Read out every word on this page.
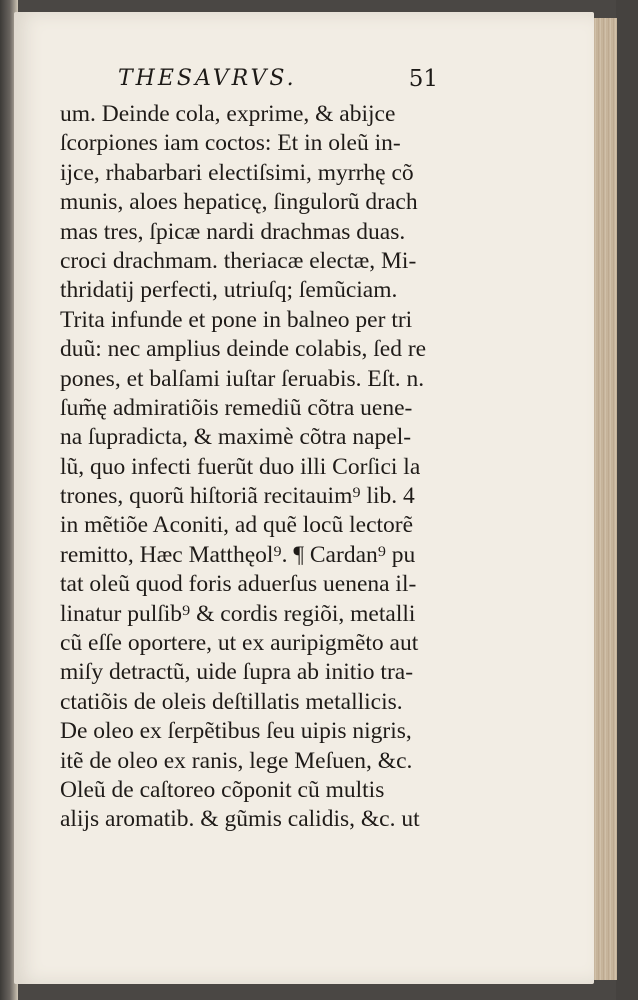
THESAVRVS.	51
um. Deinde cola, exprime, & abijce
ſcorpiones iam coctos: Et in oleũ in-
ijce, rhabarbari electiſsimi, myrrhę cõ
munis, aloes hepaticę, ſingulorũ drach
mas tres, ſpicæ nardi drachmas duas.
croci drachmam. theriacæ electæ, Mi-
thridatij perfecti, utriuſq; ſemũciam.
Trita infunde et pone in balneo per tri
duũ: nec amplius deinde colabis, ſed re
pones, et balſami iuſtar ſeruabis. Eſt. n.
ſum̃ę admiratiõis remediũ cõtra uene-
na ſupradicta, & maximè cõtra napel-
lũ, quo infecti fuerũt duo illi Corſici la
trones, quorũ hiſtoriã recitauim⁹ lib. 4
in mẽtiõe Aconiti, ad quẽ locũ lectorẽ
remitto, Hæc Matthęol⁹. ¶ Cardan⁹ pu
tat oleũ quod foris aduerſus uenena il-
linatur pulſib⁹ & cordis regiõi, metalli
cũ eſſe oportere, ut ex auripigmẽto aut
miſy detractũ, uide ſupra ab initio tra-
ctatiõis de oleis deſtillatis metallicis.
De oleo ex ſerpẽtibus ſeu uipis nigris,
itẽ de oleo ex ranis, lege Meſuen, &c.
Oleũ de caſtoreo cõponit cũ multis
alijs aromatib. & gũmis calidis, &c. ut
